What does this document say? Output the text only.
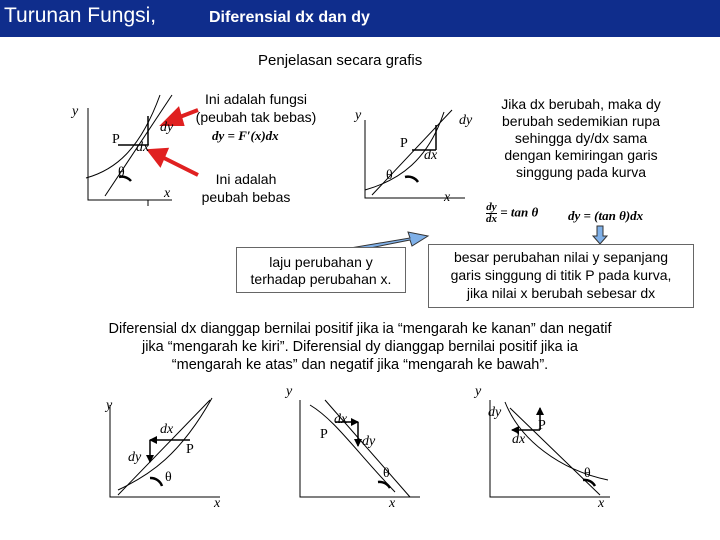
Turunan Fungsi,	Diferensial dx dan dy
Penjelasan secara grafis
y
P
dx
dy
θ
x
Ini adalah fungsi
(peubah tak bebas)
dy = F′(x)dx
Ini adalah
peubah bebas
y
P
dx
dy
θ
x
Jika dx berubah, maka dy
berubah sedemikian rupa
sehingga dy/dx sama
dengan kemiringan garis
singgung pada kurva
$\frac{dy}{dx} = \tan \theta$ dy = (tan θ)dx
laju perubahan y
terhadap perubahan x.
besar perubahan nilai y sepanjang
garis singgung di titik P pada kurva,
jika nilai x berubah sebesar dx
Diferensial dx dianggap bernilai positif jika ia “mengarah ke kanan” dan negatif
jika “mengarah ke kiri”. Diferensial dy dianggap bernilai positif jika ia
“mengarah ke atas” dan negatif jika “mengarah ke bawah”.
y
dx
dy
P
θ
x
y
P
dx
dy
θ
x
y
dy
dx
P
θ
x
